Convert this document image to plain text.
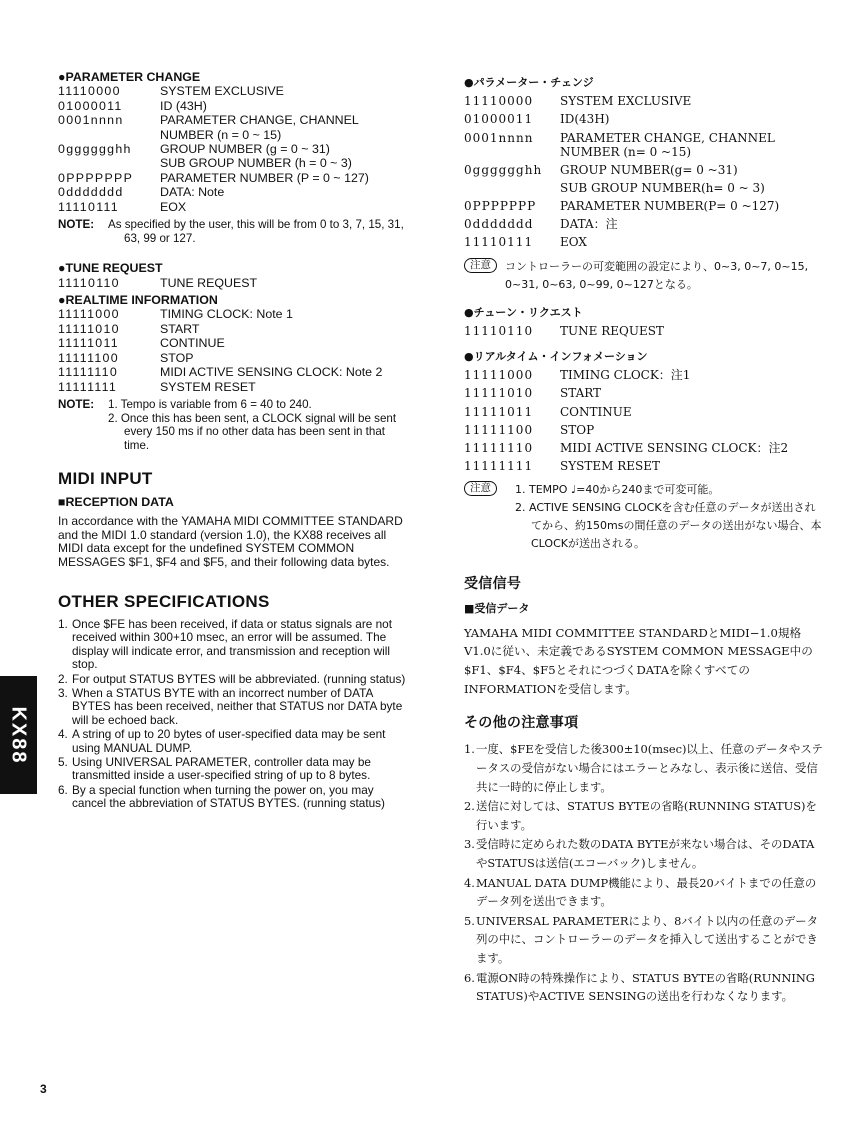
●PARAMETER CHANGE
11110000	SYSTEM EXCLUSIVE
01000011	ID (43H)
0001nnnn	PARAMETER CHANGE, CHANNEL NUMBER (n = 0 ~ 15)
0gggggghh	GROUP NUMBER (g = 0 ~ 31)
SUB GROUP NUMBER (h = 0 ~ 3)
0PPPPPPP	PARAMETER NUMBER (P = 0 ~ 127)
0ddddddd	DATA: Note
11110111	EOX
NOTE:	As specified by the user, this will be from 0 to 3, 7, 15, 31, 63, 99 or 127.
●TUNE REQUEST
11110110	TUNE REQUEST
●REALTIME INFORMATION
11111000	TIMING CLOCK: Note 1
11111010	START
11111011	CONTINUE
11111100	STOP
11111110	MIDI ACTIVE SENSING CLOCK: Note 2
11111111	SYSTEM RESET
NOTE:	1. Tempo is variable from 6 = 40 to 240.
2. Once this has been sent, a CLOCK signal will be sent every 150 ms if no other data has been sent in that time.
MIDI INPUT
■RECEPTION DATA
In accordance with the YAMAHA MIDI COMMITTEE STANDARD and the MIDI 1.0 standard (version 1.0), the KX88 receives all MIDI data except for the undefined SYSTEM COMMON MESSAGES $F1, $F4 and $F5, and their following data bytes.
OTHER SPECIFICATIONS
1. Once $FE has been received, if data or status signals are not received within 300+10 msec, an error will be assumed. The display will indicate error, and transmission and reception will stop.
2. For output STATUS BYTES will be abbreviated. (running status)
3. When a STATUS BYTE with an incorrect number of DATA BYTES has been received, neither that STATUS nor DATA byte will be echoed back.
4. A string of up to 20 bytes of user-specified data may be sent using MANUAL DUMP.
5. Using UNIVERSAL PARAMETER, controller data may be transmitted inside a user-specified string of up to 8 bytes.
6. By a special function when turning the power on, you may cancel the abbreviation of STATUS BYTES. (running status)
●パラメーター・チェンジ
11110000	SYSTEM EXCLUSIVE
01000011	ID(43H)
0001nnnn	PARAMETER CHANGE, CHANNEL NUMBER (n= 0 ~15)
0gggggghh	GROUP NUMBER(g= 0 ~31)
SUB GROUP NUMBER(h= 0 ~ 3)
0PPPPPPP	PARAMETER NUMBER(P= 0 ~127)
0ddddddd	DATA：注
11110111	EOX
注意	コントローラーの可変範囲の設定により、0~3, 0~7, 0~15, 0~31, 0~63, 0~99, 0~127となる。
●チューン・リクエスト
11110110	TUNE REQUEST
●リアルタイム・インフォメーション
11111000	TIMING CLOCK：注1
11111010	START
11111011	CONTINUE
11111100	STOP
11111110	MIDI ACTIVE SENSING CLOCK：注2
11111111	SYSTEM RESET
注意	1. TEMPO ♩=40から240まで可変可能。
2. ACTIVE SENSING CLOCKを含む任意のデータが送出されてから、約150msの間任意のデータの送出がない場合、本CLOCKが送出される。
受信信号
■受信データ
YAMAHA MIDI COMMITTEE STANDARDとMIDI−1.0規格V1.0に従い、未定義であるSYSTEM COMMON MESSAGE中の$F1、$F4、$F5とそれにつづくDATAを除くすべてのINFORMATIONを受信します。
その他の注意事項
1. 一度、$FEを受信した後300±10(msec)以上、任意のデータやステータスの受信がない場合にはエラーとみなし、表示後に送信、受信共に一時的に停止します。
2. 送信に対しては、STATUS BYTEの省略(RUNNING STATUS)を行います。
3. 受信時に定められた数のDATA BYTEが来ない場合は、そのDATAやSTATUSは送信(エコーバック)しません。
4. MANUAL DATA DUMP機能により、最長20バイトまでの任意のデータ列を送出できます。
5. UNIVERSAL PARAMETERにより、8バイト以内の任意のデータ列の中に、コントローラーのデータを挿入して送出することができます。
6. 電源ON時の特殊操作により、STATUS BYTEの省略(RUNNING STATUS)やACTIVE SENSINGの送出を行わなくなります。
KX88
3
